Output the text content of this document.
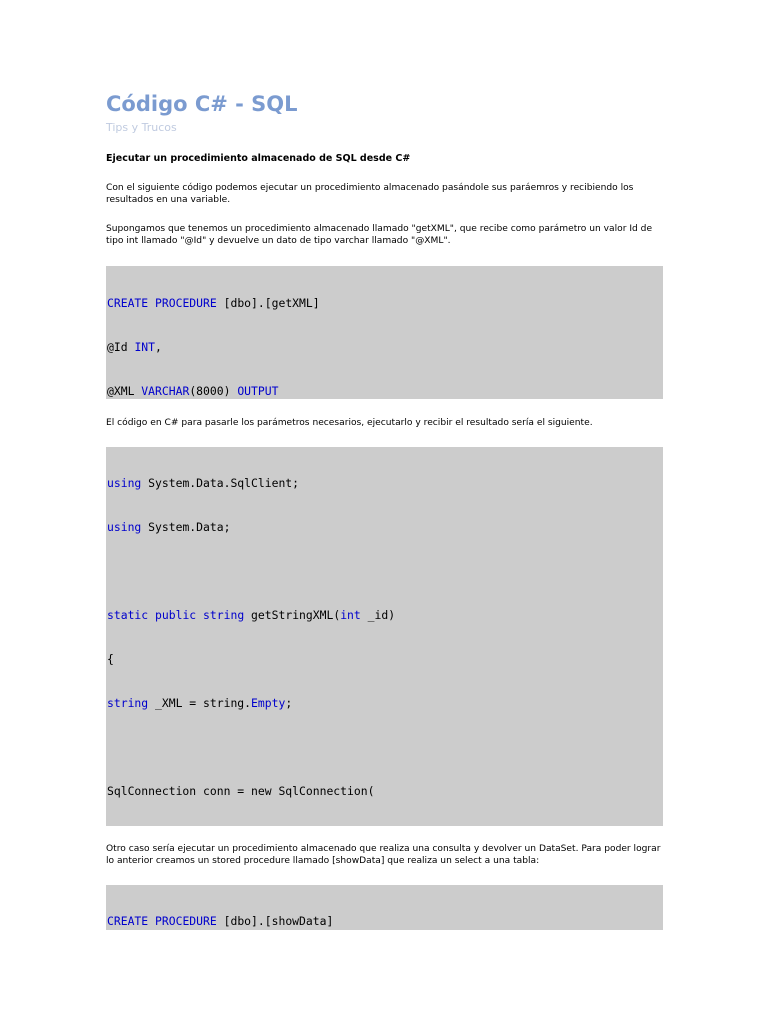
Código C# - SQL
Tips y Trucos
Ejecutar un procedimiento almacenado de SQL desde C#

Con el siguiente código podemos ejecutar un procedimiento almacenado pasándole sus paráemros y recibiendo los resultados en una variable.

Supongamos que tenemos un procedimiento almacenado llamado "getXML", que recibe como parámetro un valor Id de tipo int llamado "@Id" y devuelve un dato de tipo varchar llamado "@XML".

CREATE PROCEDURE [dbo].[getXML]

@Id INT,

@XML VARCHAR(8000) OUTPUT

El código en C# para pasarle los parámetros necesarios, ejecutarlo y recibir el resultado sería el siguiente.

using System.Data.SqlClient;

using System.Data;

static public string getStringXML(int _id)

{

string _XML = string.Empty;

SqlConnection conn = new SqlConnection(

Otro caso sería ejecutar un procedimiento almacenado que realiza una consulta y devolver un DataSet. Para poder lograr lo anterior creamos un stored procedure llamado [showData] que realiza un select a una tabla:

CREATE PROCEDURE [dbo].[showData]
